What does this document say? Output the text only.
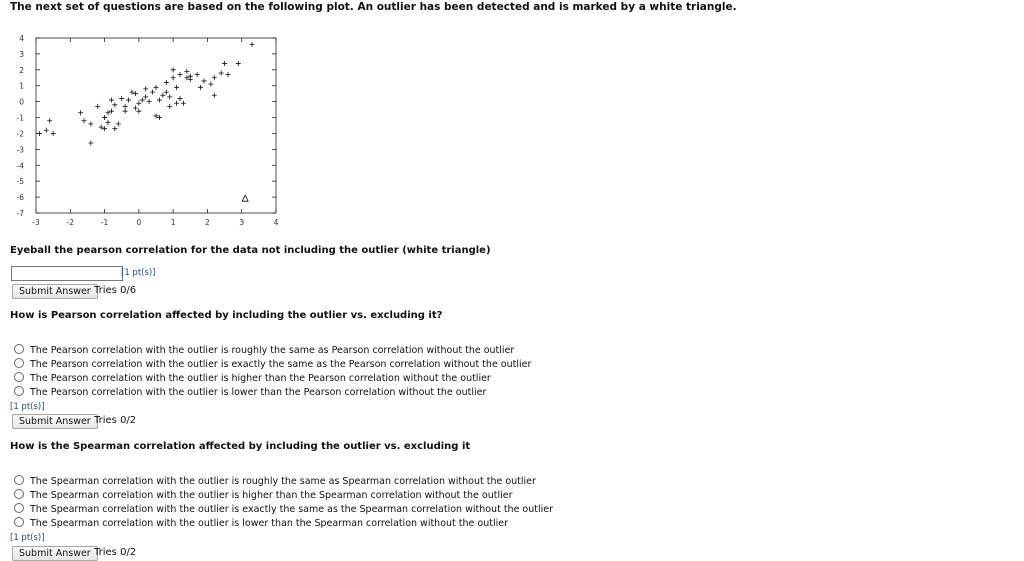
The next set of questions are based on the following plot. An outlier has been detected and is marked by a white triangle.
-3	-2	-1	0	1	2	3	4
4
3
2
1
0
-1
-2
-3
-4
-5
-6
-7
Eyeball the pearson correlation for the data not including the outlier (white triangle)
[1 pt(s)]
Submit Answer Tries 0/6
How is Pearson correlation affected by including the outlier vs. excluding it?
The Pearson correlation with the outlier is roughly the same as Pearson correlation without the outlier
The Pearson correlation with the outlier is exactly the same as the Pearson correlation without the outlier
The Pearson correlation with the outlier is higher than the Pearson correlation without the outlier
The Pearson correlation with the outlier is lower than the Pearson correlation without the outlier
[1 pt(s)]
Submit Answer Tries 0/2
How is the Spearman correlation affected by including the outlier vs. excluding it
The Spearman correlation with the outlier is roughly the same as Spearman correlation without the outlier
The Spearman correlation with the outlier is higher than the Spearman correlation without the outlier
The Spearman correlation with the outlier is exactly the same as the Spearman correlation without the outlier
The Spearman correlation with the outlier is lower than the Spearman correlation without the outlier
[1 pt(s)]
Submit Answer Tries 0/2
